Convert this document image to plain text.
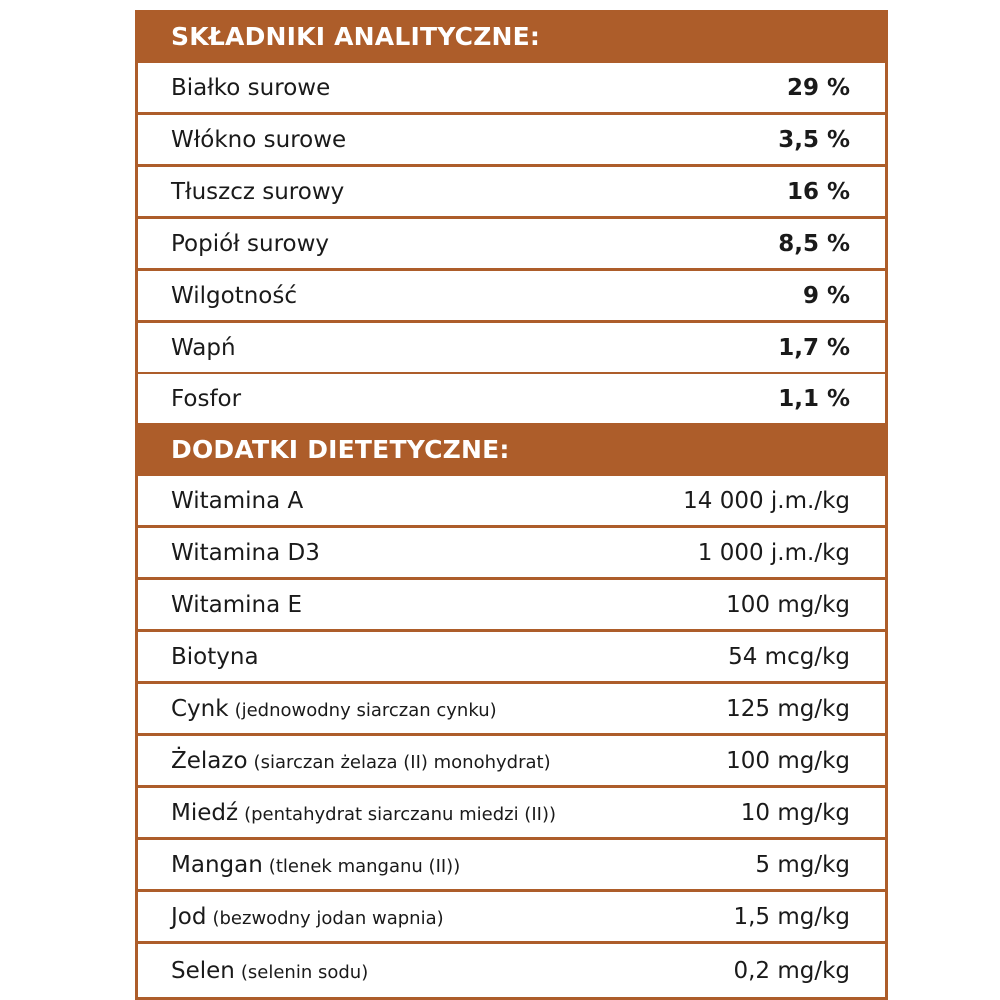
SKŁADNIKI ANALITYCZNE:
Białko surowe	29 %
Włókno surowe	3,5 %
Tłuszcz surowy	16 %
Popiół surowy	8,5 %
Wilgotność	9 %
Wapń	1,7 %
Fosfor	1,1 %
DODATKI DIETETYCZNE:
Witamina A	14 000 j.m./kg
Witamina D3	1 000 j.m./kg
Witamina E	100 mg/kg
Biotyna	54 mcg/kg
Cynk (jednowodny siarczan cynku)	125 mg/kg
Żelazo (siarczan żelaza (II) monohydrat)	100 mg/kg
Miedź (pentahydrat siarczanu miedzi (II))	10 mg/kg
Mangan (tlenek manganu (II))	5 mg/kg
Jod (bezwodny jodan wapnia)	1,5 mg/kg
Selen (selenin sodu)	0,2 mg/kg
